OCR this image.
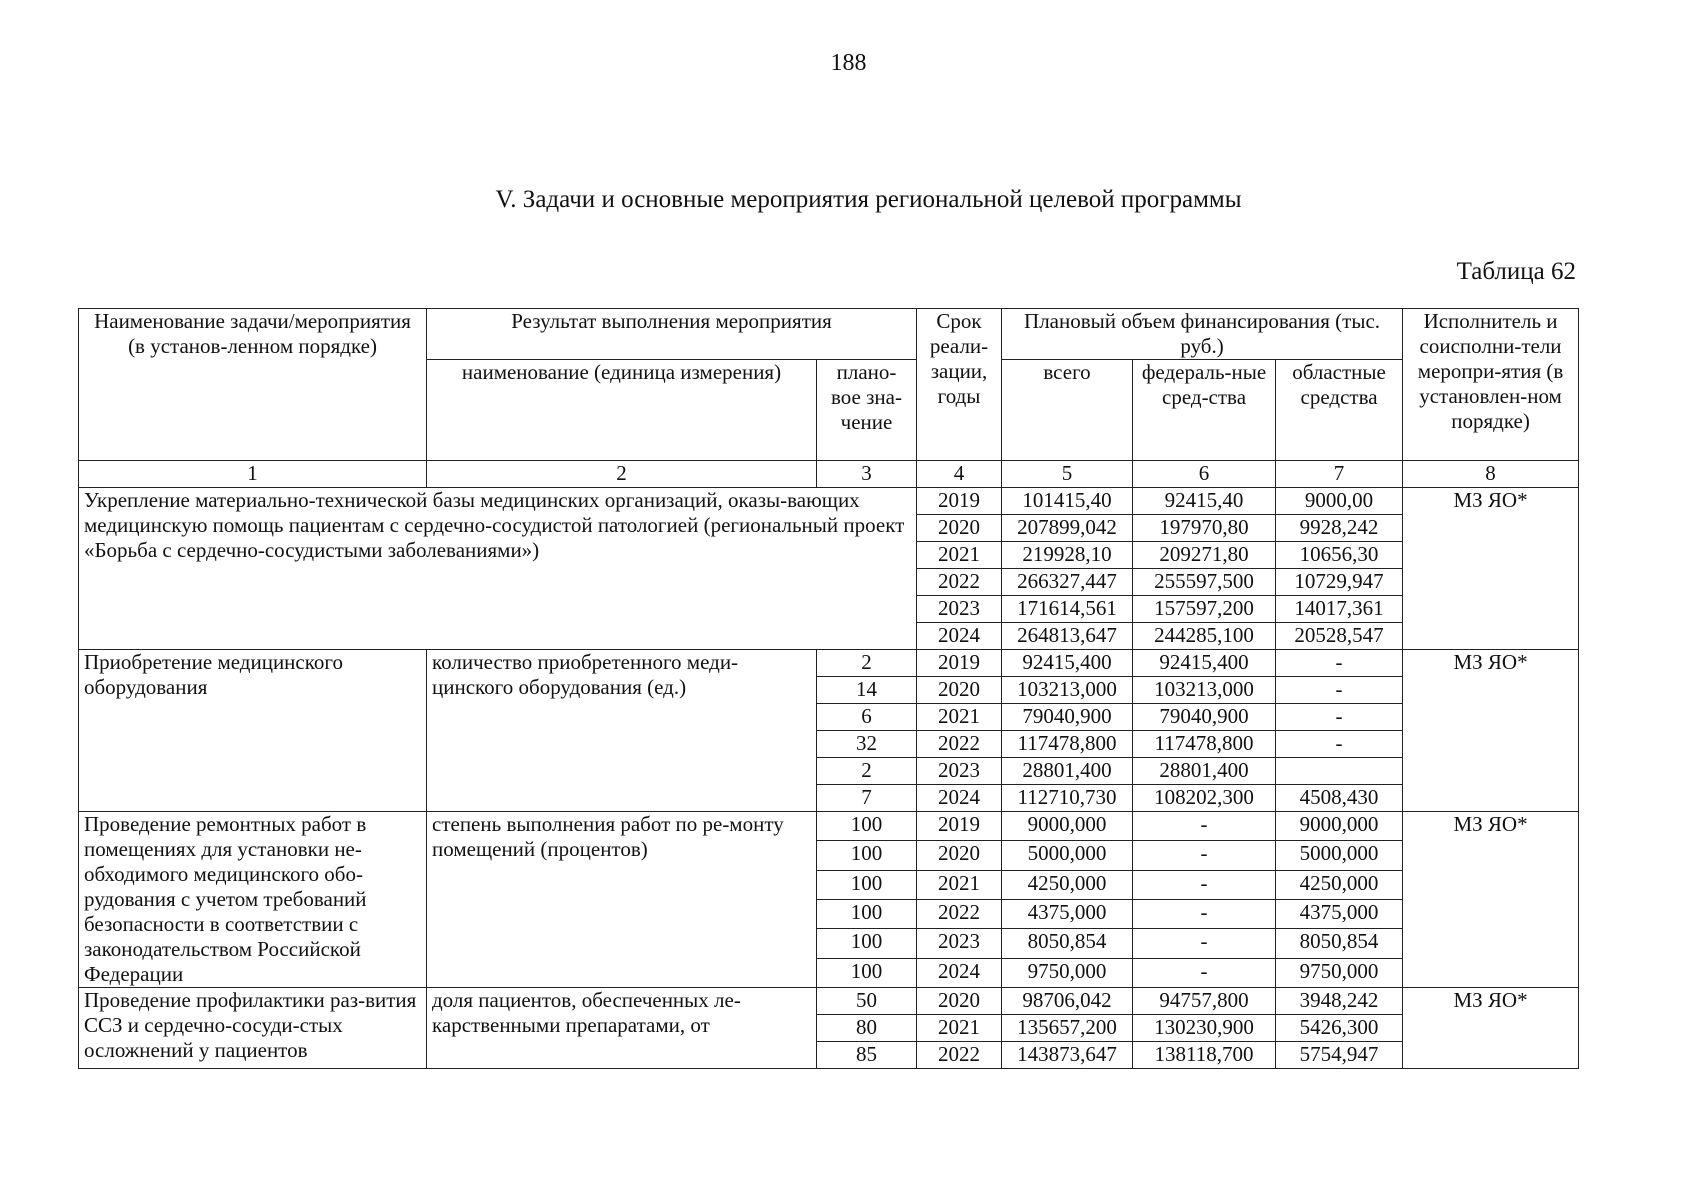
188
V. Задачи и основные мероприятия региональной целевой программы
Таблица 62
Наименование задачи/мероприятия (в установ-ленном порядке)	Результат выполнения мероприятия		Срок реали-зации, годы	Плановый объем финансирования (тыс. руб.)			Исполнитель и соисполни-тели меропри-ятия (в установлен-ном порядке)
	наименование (единица измерения)	плано-вое зна-чение		всего	федераль-ные сред-ства	областные средства	
1	2	3	4	5	6	7	8
Укрепление материально-технической базы медицинских организаций, оказы-вающих медицинскую помощь пациентам с сердечно-сосудистой патологией (региональный проект «Борьба с сердечно-сосудистыми заболеваниями»)			2019	101415,40	92415,40	9000,00	МЗ ЯО*
			2020	207899,042	197970,80	9928,242	
			2021	219928,10	209271,80	10656,30	
			2022	266327,447	255597,500	10729,947	
			2023	171614,561	157597,200	14017,361	
			2024	264813,647	244285,100	20528,547	
Приобретение медицинского оборудования	количество приобретенного меди-цинского оборудования (ед.)	2	2019	92415,400	92415,400	-	МЗ ЯО*
		14	2020	103213,000	103213,000	-	
		6	2021	79040,900	79040,900	-	
		32	2022	117478,800	117478,800	-	
		2	2023	28801,400	28801,400		
		7	2024	112710,730	108202,300	4508,430	
Проведение ремонтных работ в помещениях для установки не-обходимого медицинского обо-рудования с учетом требований безопасности в соответствии с законодательством Российской Федерации	степень выполнения работ по ре-монту помещений (процентов)	100	2019	9000,000	-	9000,000	МЗ ЯО*
		100	2020	5000,000	-	5000,000	
		100	2021	4250,000	-	4250,000	
		100	2022	4375,000	-	4375,000	
		100	2023	8050,854	-	8050,854	
		100	2024	9750,000	-	9750,000	
Проведение профилактики раз-вития ССЗ и сердечно-сосуди-стых осложнений у пациентов	доля пациентов, обеспеченных ле-карственными препаратами, от	50	2020	98706,042	94757,800	3948,242	МЗ ЯО*
		80	2021	135657,200	130230,900	5426,300	
		85	2022	143873,647	138118,700	5754,947	
